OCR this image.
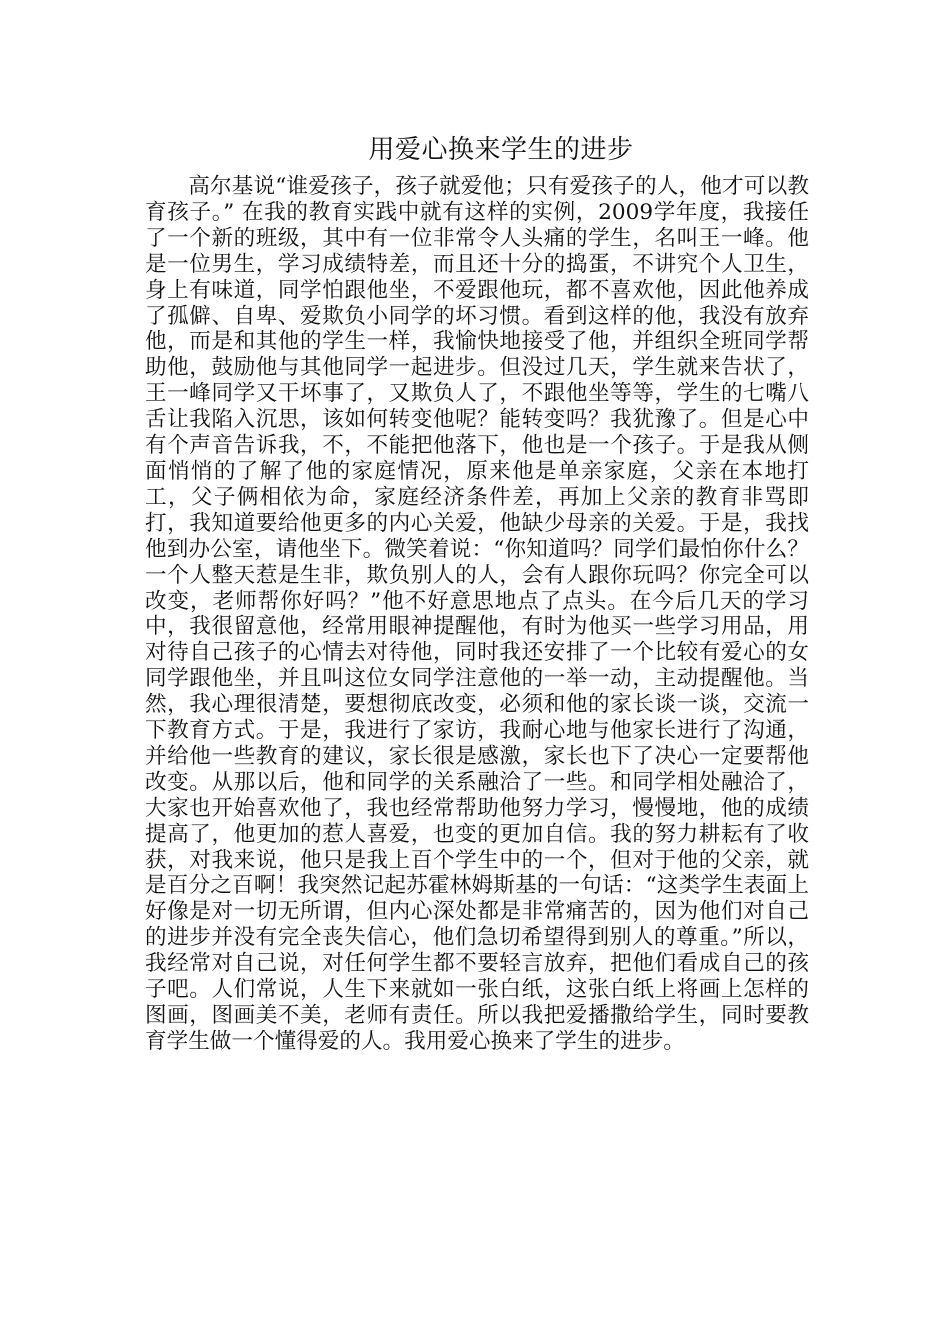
用爱心换来学生的进步

高尔基说“谁爱孩子，孩子就爱他；只有爱孩子的人，他才可以教育孩子。” 在我的教育实践中就有这样的实例，2009学年度，我接任了一个新的班级，其中有一位非常令人头痛的学生，名叫王一峰。他是一位男生，学习成绩特差，而且还十分的捣蛋，不讲究个人卫生，身上有味道，同学怕跟他坐，不爱跟他玩，都不喜欢他，因此他养成了孤僻、自卑、爱欺负小同学的坏习惯。看到这样的他，我没有放弃他，而是和其他的学生一样，我愉快地接受了他，并组织全班同学帮助他，鼓励他与其他同学一起进步。但没过几天，学生就来告状了，王一峰同学又干坏事了，又欺负人了，不跟他坐等等，学生的七嘴八舌让我陷入沉思，该如何转变他呢？能转变吗？我犹豫了。但是心中有个声音告诉我，不，不能把他落下，他也是一个孩子。于是我从侧面悄悄的了解了他的家庭情况，原来他是单亲家庭，父亲在本地打工，父子俩相依为命，家庭经济条件差，再加上父亲的教育非骂即打，我知道要给他更多的内心关爱，他缺少母亲的关爱。于是，我找他到办公室，请他坐下。微笑着说：“你知道吗？同学们最怕你什么？一个人整天惹是生非，欺负别人的人，会有人跟你玩吗？你完全可以改变，老师帮你好吗？”他不好意思地点了点头。在今后几天的学习中，我很留意他，经常用眼神提醒他，有时为他买一些学习用品，用对待自己孩子的心情去对待他，同时我还安排了一个比较有爱心的女同学跟他坐，并且叫这位女同学注意他的一举一动，主动提醒他。当然，我心理很清楚，要想彻底改变，必须和他的家长谈一谈，交流一下教育方式。于是，我进行了家访，我耐心地与他家长进行了沟通，并给他一些教育的建议，家长很是感激，家长也下了决心一定要帮他改变。从那以后，他和同学的关系融洽了一些。和同学相处融洽了，大家也开始喜欢他了，我也经常帮助他努力学习，慢慢地，他的成绩提高了，他更加的惹人喜爱，也变的更加自信。我的努力耕耘有了收获，对我来说，他只是我上百个学生中的一个，但对于他的父亲，就是百分之百啊！我突然记起苏霍林姆斯基的一句话：“这类学生表面上好像是对一切无所谓，但内心深处都是非常痛苦的，因为他们对自己的进步并没有完全丧失信心，他们急切希望得到别人的尊重。”所以，我经常对自己说，对任何学生都不要轻言放弃，把他们看成自己的孩子吧。人们常说，人生下来就如一张白纸，这张白纸上将画上怎样的图画，图画美不美，老师有责任。所以我把爱播撒给学生，同时要教育学生做一个懂得爱的人。我用爱心换来了学生的进步。
